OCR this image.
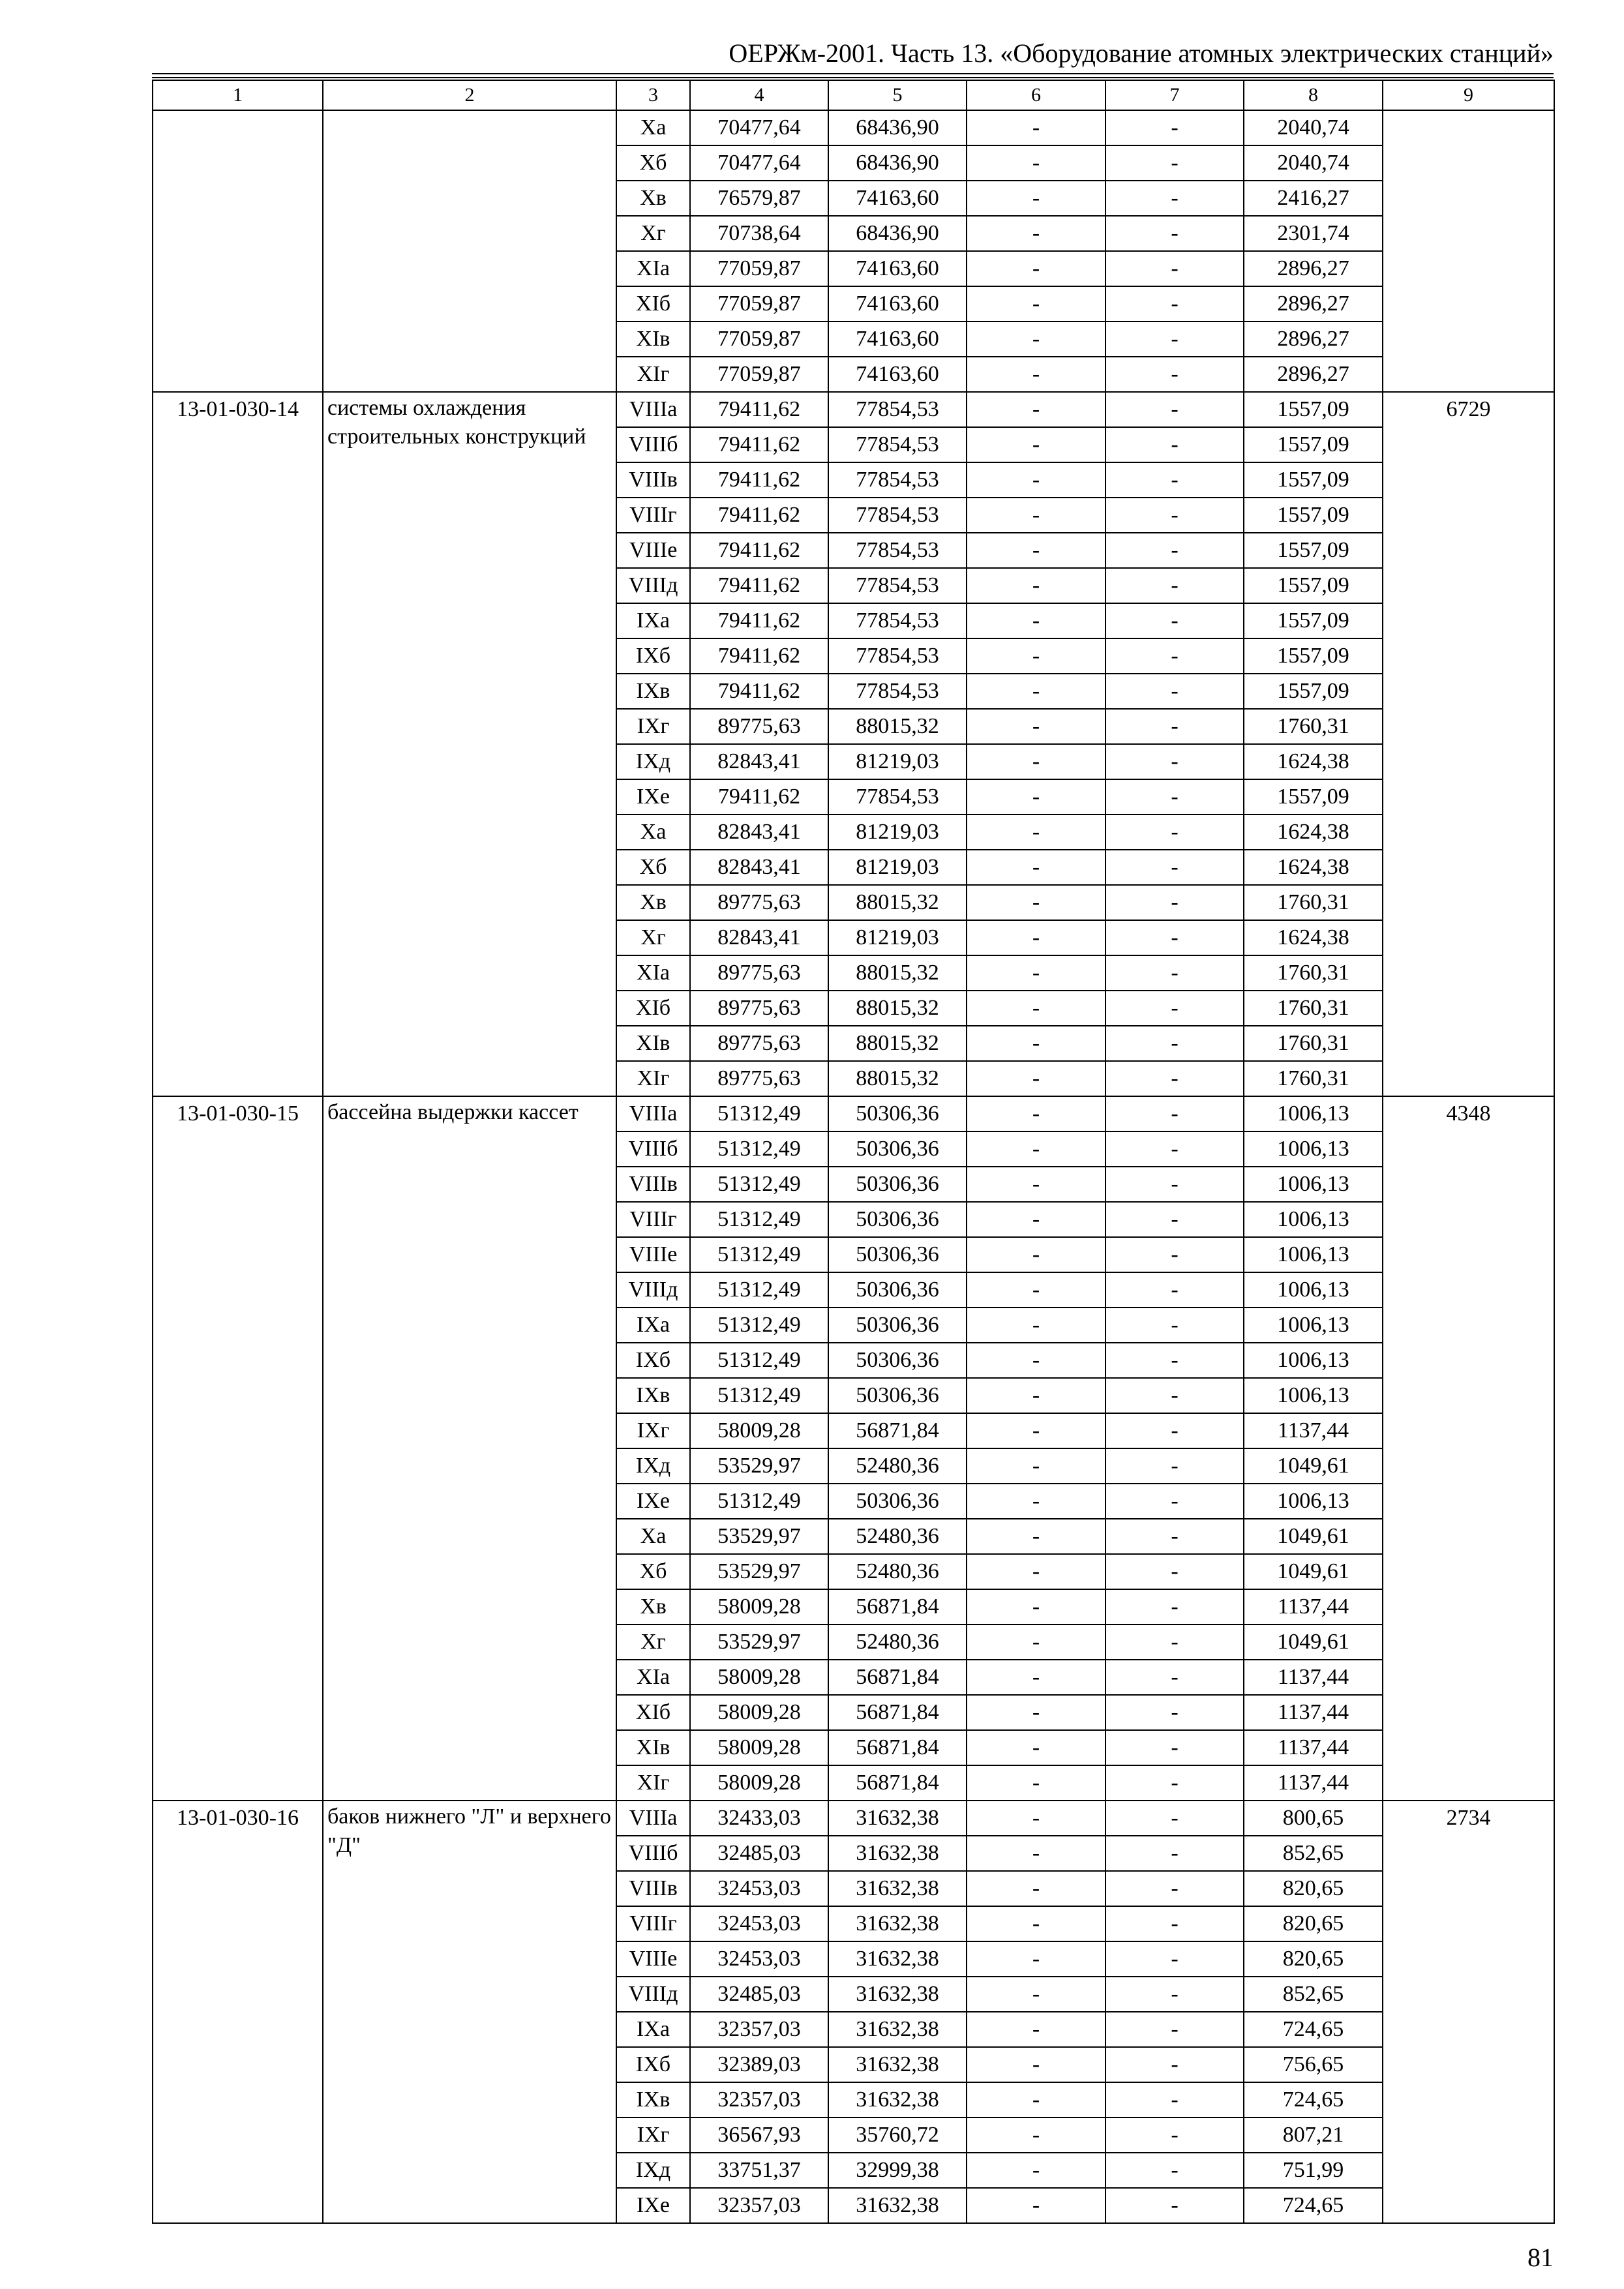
ОЕРЖм-2001. Часть 13. «Оборудование атомных электрических станций»
1	2	3	4	5	6	7	8	9
		Xa	70477,64	68436,90	-	-	2040,74	
		Xб	70477,64	68436,90	-	-	2040,74	
		Xв	76579,87	74163,60	-	-	2416,27	
		Xг	70738,64	68436,90	-	-	2301,74	
		XIa	77059,87	74163,60	-	-	2896,27	
		XIб	77059,87	74163,60	-	-	2896,27	
		XIв	77059,87	74163,60	-	-	2896,27	
		XIг	77059,87	74163,60	-	-	2896,27	
13-01-030-14	системы охлаждения строительных конструкций	VIIIa	79411,62	77854,53	-	-	1557,09	6729
		VIIIб	79411,62	77854,53	-	-	1557,09	
		VIIIв	79411,62	77854,53	-	-	1557,09	
		VIIIг	79411,62	77854,53	-	-	1557,09	
		VIIIe	79411,62	77854,53	-	-	1557,09	
		VIIIд	79411,62	77854,53	-	-	1557,09	
		IXa	79411,62	77854,53	-	-	1557,09	
		IXб	79411,62	77854,53	-	-	1557,09	
		IXв	79411,62	77854,53	-	-	1557,09	
		IXг	89775,63	88015,32	-	-	1760,31	
		IXд	82843,41	81219,03	-	-	1624,38	
		IXe	79411,62	77854,53	-	-	1557,09	
		Xa	82843,41	81219,03	-	-	1624,38	
		Xб	82843,41	81219,03	-	-	1624,38	
		Xв	89775,63	88015,32	-	-	1760,31	
		Xг	82843,41	81219,03	-	-	1624,38	
		XIa	89775,63	88015,32	-	-	1760,31	
		XIб	89775,63	88015,32	-	-	1760,31	
		XIв	89775,63	88015,32	-	-	1760,31	
		XIг	89775,63	88015,32	-	-	1760,31	
13-01-030-15	бассейна выдержки кассет	VIIIa	51312,49	50306,36	-	-	1006,13	4348
		VIIIб	51312,49	50306,36	-	-	1006,13	
		VIIIв	51312,49	50306,36	-	-	1006,13	
		VIIIг	51312,49	50306,36	-	-	1006,13	
		VIIIe	51312,49	50306,36	-	-	1006,13	
		VIIIд	51312,49	50306,36	-	-	1006,13	
		IXa	51312,49	50306,36	-	-	1006,13	
		IXб	51312,49	50306,36	-	-	1006,13	
		IXв	51312,49	50306,36	-	-	1006,13	
		IXг	58009,28	56871,84	-	-	1137,44	
		IXд	53529,97	52480,36	-	-	1049,61	
		IXe	51312,49	50306,36	-	-	1006,13	
		Xa	53529,97	52480,36	-	-	1049,61	
		Xб	53529,97	52480,36	-	-	1049,61	
		Xв	58009,28	56871,84	-	-	1137,44	
		Xг	53529,97	52480,36	-	-	1049,61	
		XIa	58009,28	56871,84	-	-	1137,44	
		XIб	58009,28	56871,84	-	-	1137,44	
		XIв	58009,28	56871,84	-	-	1137,44	
		XIг	58009,28	56871,84	-	-	1137,44	
13-01-030-16	баков нижнего "Л" и верхнего "Д"	VIIIa	32433,03	31632,38	-	-	800,65	2734
		VIIIб	32485,03	31632,38	-	-	852,65	
		VIIIв	32453,03	31632,38	-	-	820,65	
		VIIIг	32453,03	31632,38	-	-	820,65	
		VIIIe	32453,03	31632,38	-	-	820,65	
		VIIIд	32485,03	31632,38	-	-	852,65	
		IXa	32357,03	31632,38	-	-	724,65	
		IXб	32389,03	31632,38	-	-	756,65	
		IXв	32357,03	31632,38	-	-	724,65	
		IXг	36567,93	35760,72	-	-	807,21	
		IXд	33751,37	32999,38	-	-	751,99	
		IXe	32357,03	31632,38	-	-	724,65	
81
